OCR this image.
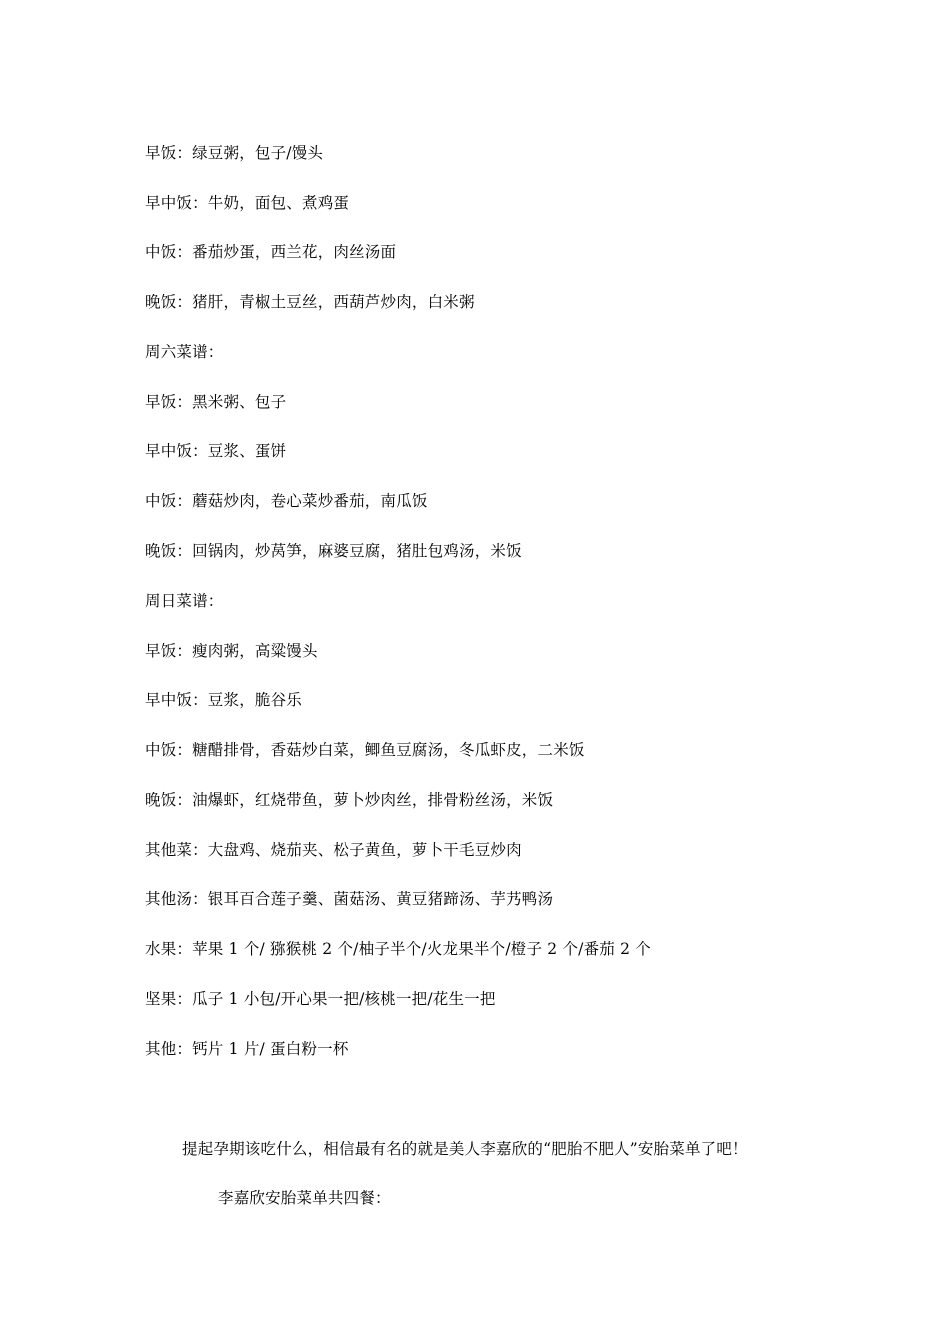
早饭：绿豆粥，包子/馒头
早中饭：牛奶，面包、煮鸡蛋
中饭：番茄炒蛋，西兰花，肉丝汤面
晚饭：猪肝，青椒土豆丝，西葫芦炒肉，白米粥
周六菜谱：
早饭：黑米粥、包子
早中饭：豆浆、蛋饼
中饭：蘑菇炒肉，卷心菜炒番茄，南瓜饭
晚饭：回锅肉，炒莴笋，麻婆豆腐，猪肚包鸡汤，米饭
周日菜谱：
早饭：瘦肉粥，高粱馒头
早中饭：豆浆，脆谷乐
中饭：糖醋排骨，香菇炒白菜，鲫鱼豆腐汤，冬瓜虾皮，二米饭
晚饭：油爆虾，红烧带鱼，萝卜炒肉丝，排骨粉丝汤，米饭
其他菜：大盘鸡、烧茄夹、松子黄鱼，萝卜干毛豆炒肉
其他汤：银耳百合莲子羹、菌菇汤、黄豆猪蹄汤、芋艿鸭汤
水果：苹果 1 个/ 猕猴桃 2 个/柚子半个/火龙果半个/橙子 2 个/番茄 2 个
坚果：瓜子 1 小包/开心果一把/核桃一把/花生一把
其他：钙片 1 片/ 蛋白粉一杯
提起孕期该吃什么，相信最有名的就是美人李嘉欣的“肥胎不肥人”安胎菜单了吧！
李嘉欣安胎菜单共四餐：
